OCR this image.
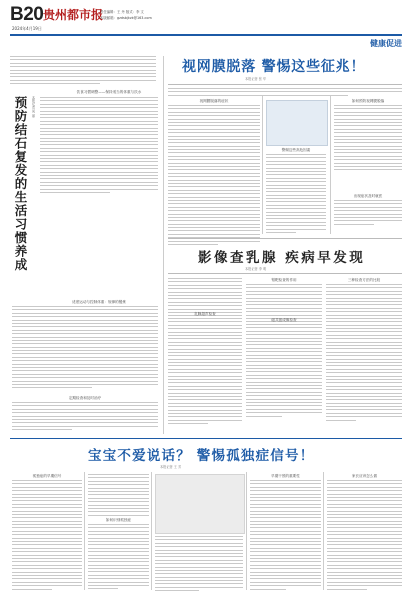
B20 贵州都市报
2024年4月19日
责任编辑：王 丹 版式：李 文
本版邮箱：gzdsbjkzk@163.com
健康促进
预防结石复发的生活习惯养成 本报记者 何 丽
饮食习惯调整——保持适当的体重与饮水
适度运动与控制体重：规律的锻炼
定期检查和及时治疗
视网膜脱落 警惕这些征兆！
本报记者 张 华
视网膜脱落的症状
警惕这些高危因素
如何预防视网膜脱落
出现症状及时就医
影像查乳腺 疾病早发现
本报记者 李 明
乳腺超声检查
钼靶检查的作用
磁共振成像检查
三种检查方法的比较
宝宝不爱说话？ 警惕孤独症信号！
本报记者 王 芳
孤独症的早期信号
如何识别孤独症
早期干预的重要性	家长应该怎么做
